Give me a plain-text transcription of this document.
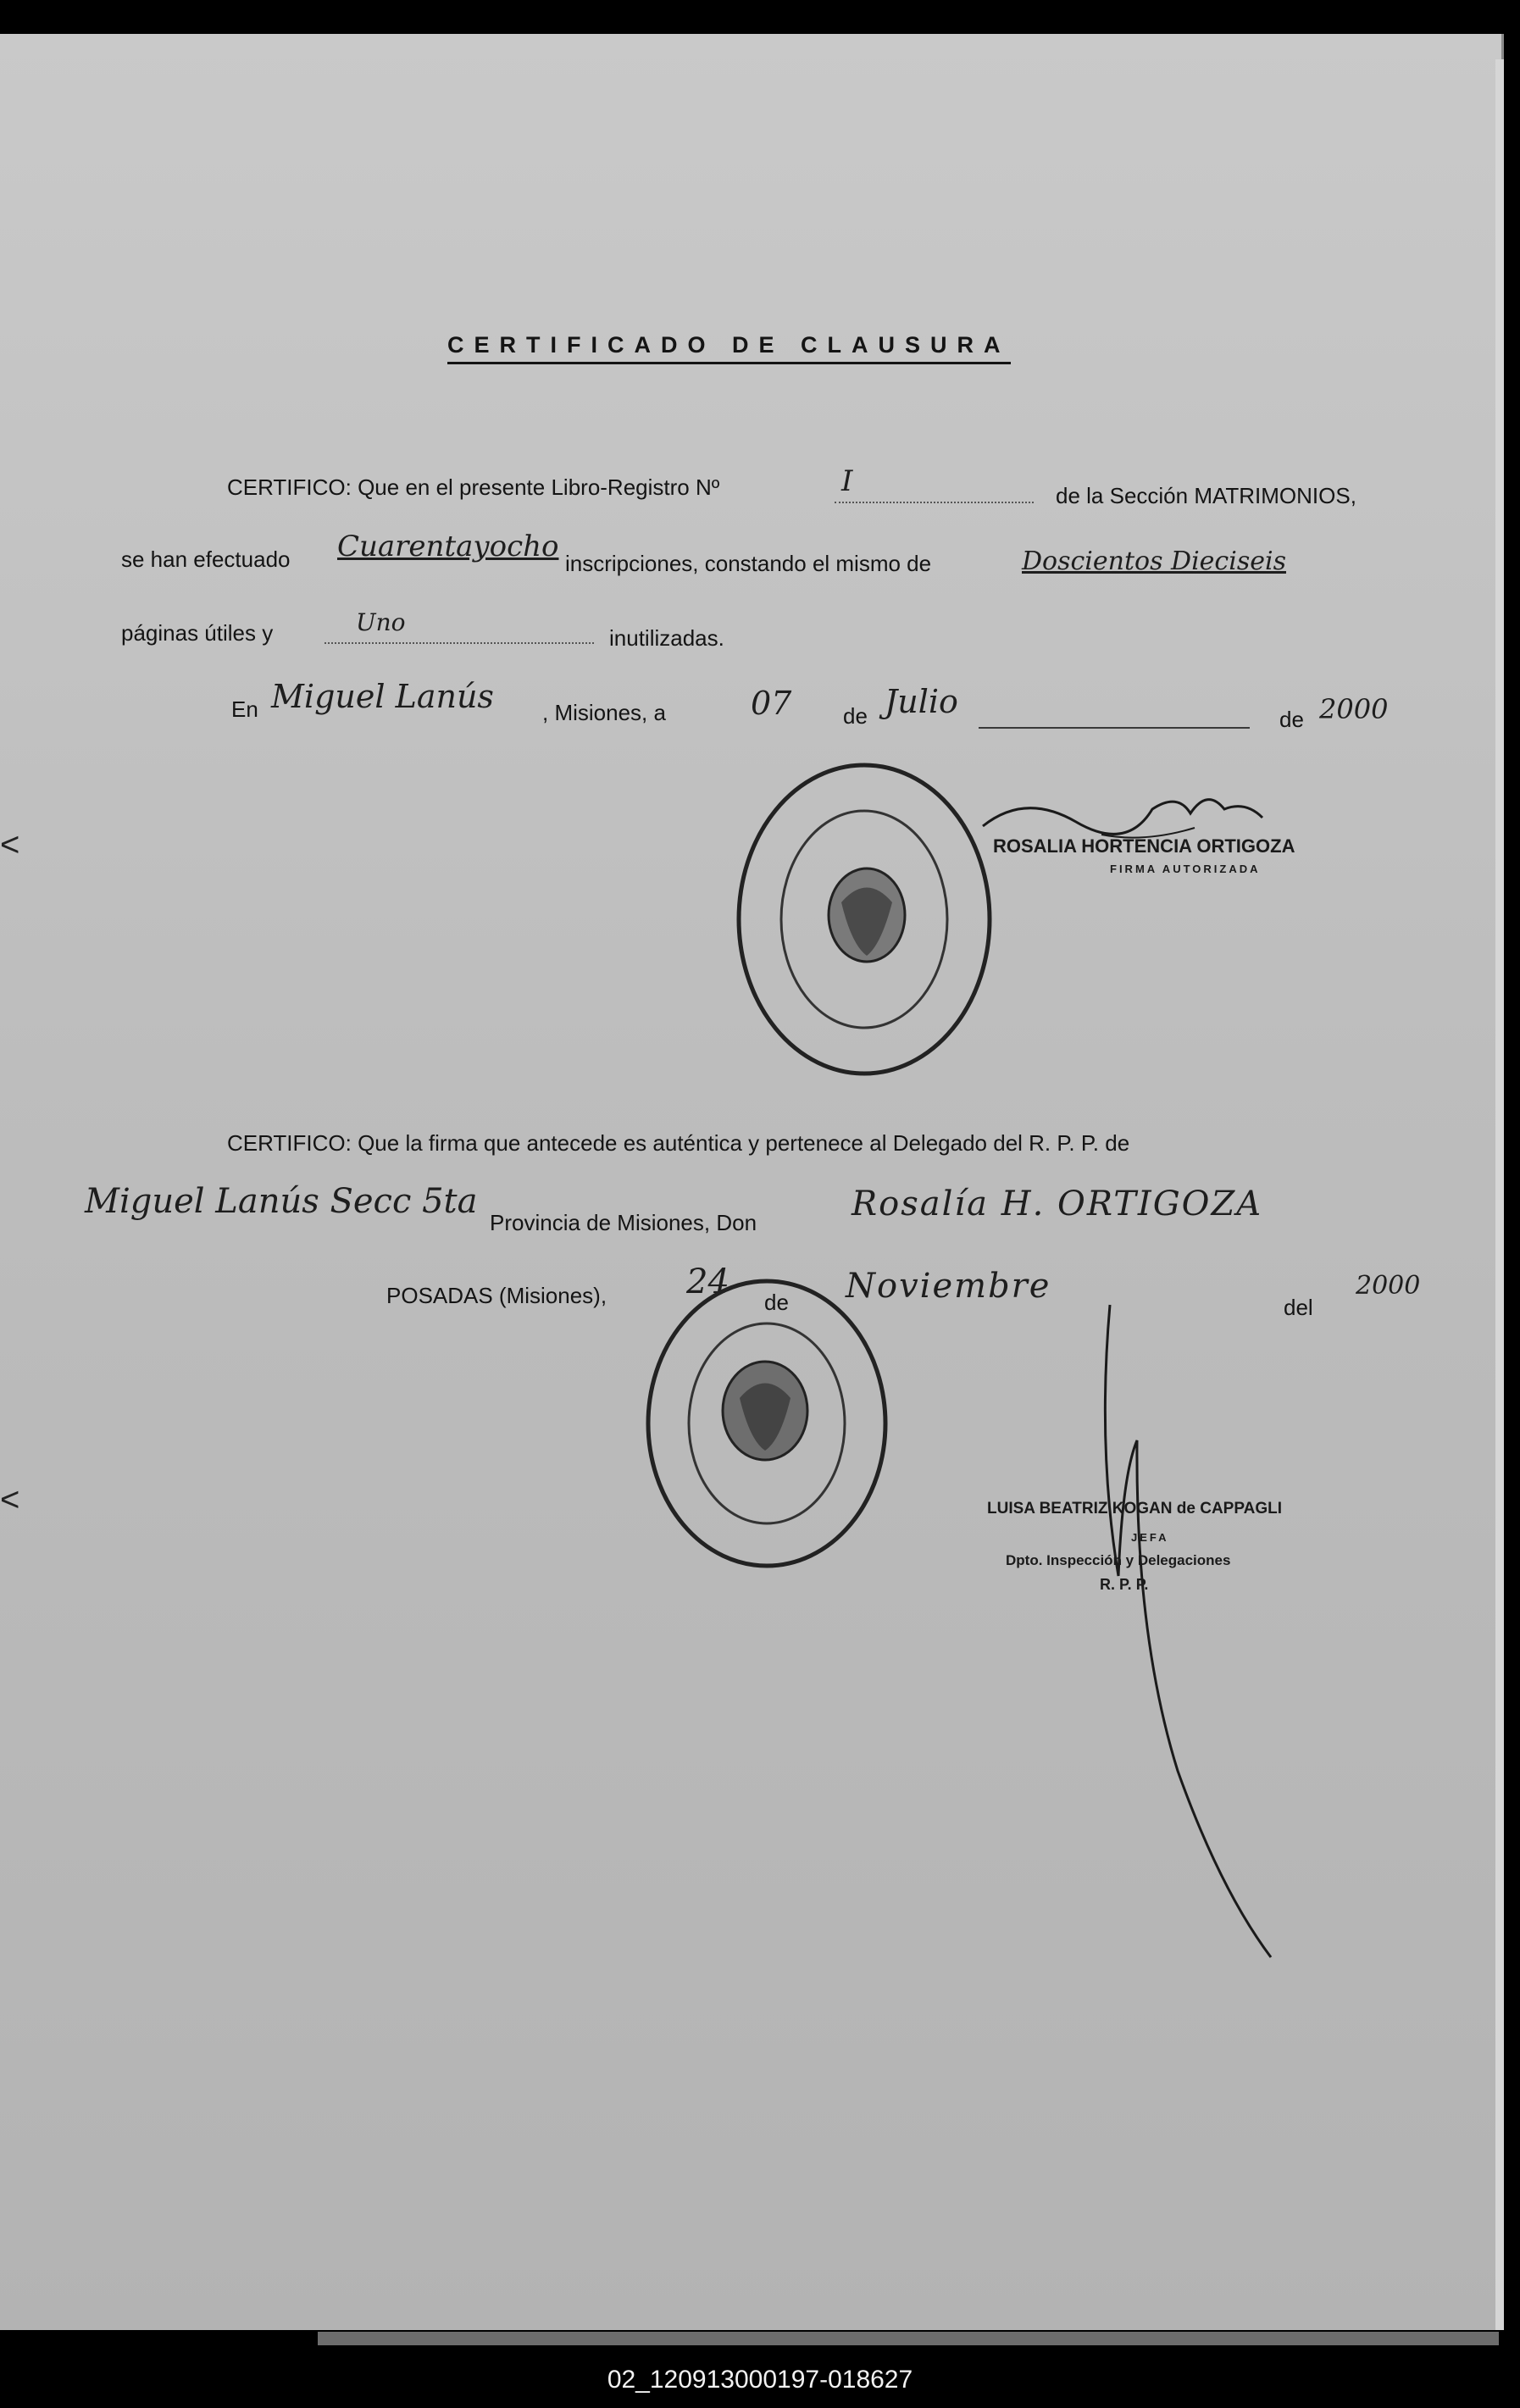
<
<
CERTIFICADO DE CLAUSURA
CERTIFICO: Que en el presente Libro-Registro Nº	I	de la Sección MATRIMONIOS,
se han efectuado Cuarentayocho inscripciones, constando el mismo de	Doscientos Dieciseis
páginas útiles y	Uno
inutilizadas.
En Miguel Lanús , Misiones, a	07 de Julio	de 2000
ROSALIA HORTENCIA ORTIGOZA
FIRMA AUTORIZADA
CERTIFICO: Que la firma que antecede es auténtica y pertenece al Delegado del R. P. P. de
Miguel Lanús Secc 5ta
Provincia de Misiones, Don	Rosalía H. ORTIGOZA
POSADAS (Misiones), 24
de Noviembre
del
2000
LUISA BEATRIZ KOGAN de CAPPAGLI
JEFA
Dpto. Inspección y Delegaciones
R. P. P.
02_120913000197-018627
